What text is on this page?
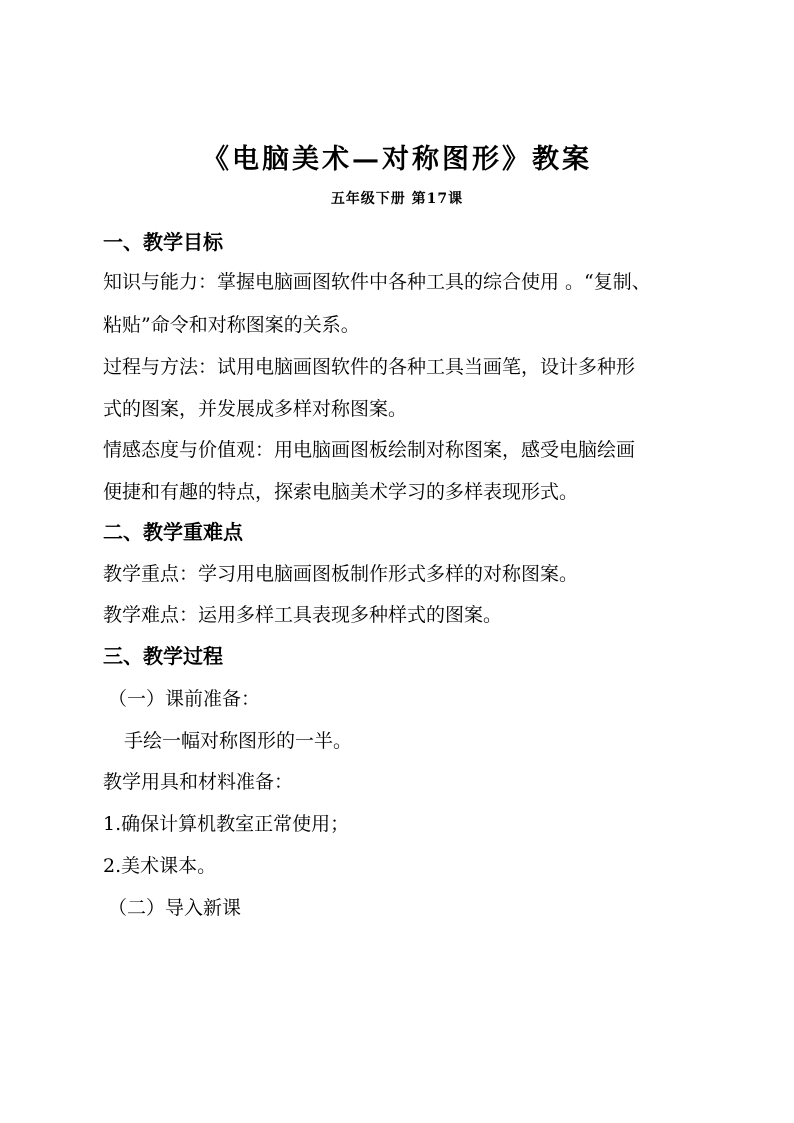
《电脑美术—对称图形》教案
五年级下册 第17课
一、教学目标
知识与能力：掌握电脑画图软件中各种工具的综合使用 。“复制、
粘贴”命令和对称图案的关系。
过程与方法：试用电脑画图软件的各种工具当画笔，设计多种形
式的图案，并发展成多样对称图案。
情感态度与价值观：用电脑画图板绘制对称图案，感受电脑绘画
便捷和有趣的特点，探索电脑美术学习的多样表现形式。
二、教学重难点
教学重点：学习用电脑画图板制作形式多样的对称图案。
教学难点：运用多样工具表现多种样式的图案。
三、教学过程
（一）课前准备：
手绘一幅对称图形的一半。
教学用具和材料准备：
1.确保计算机教室正常使用；
2.美术课本。
（二）导入新课
